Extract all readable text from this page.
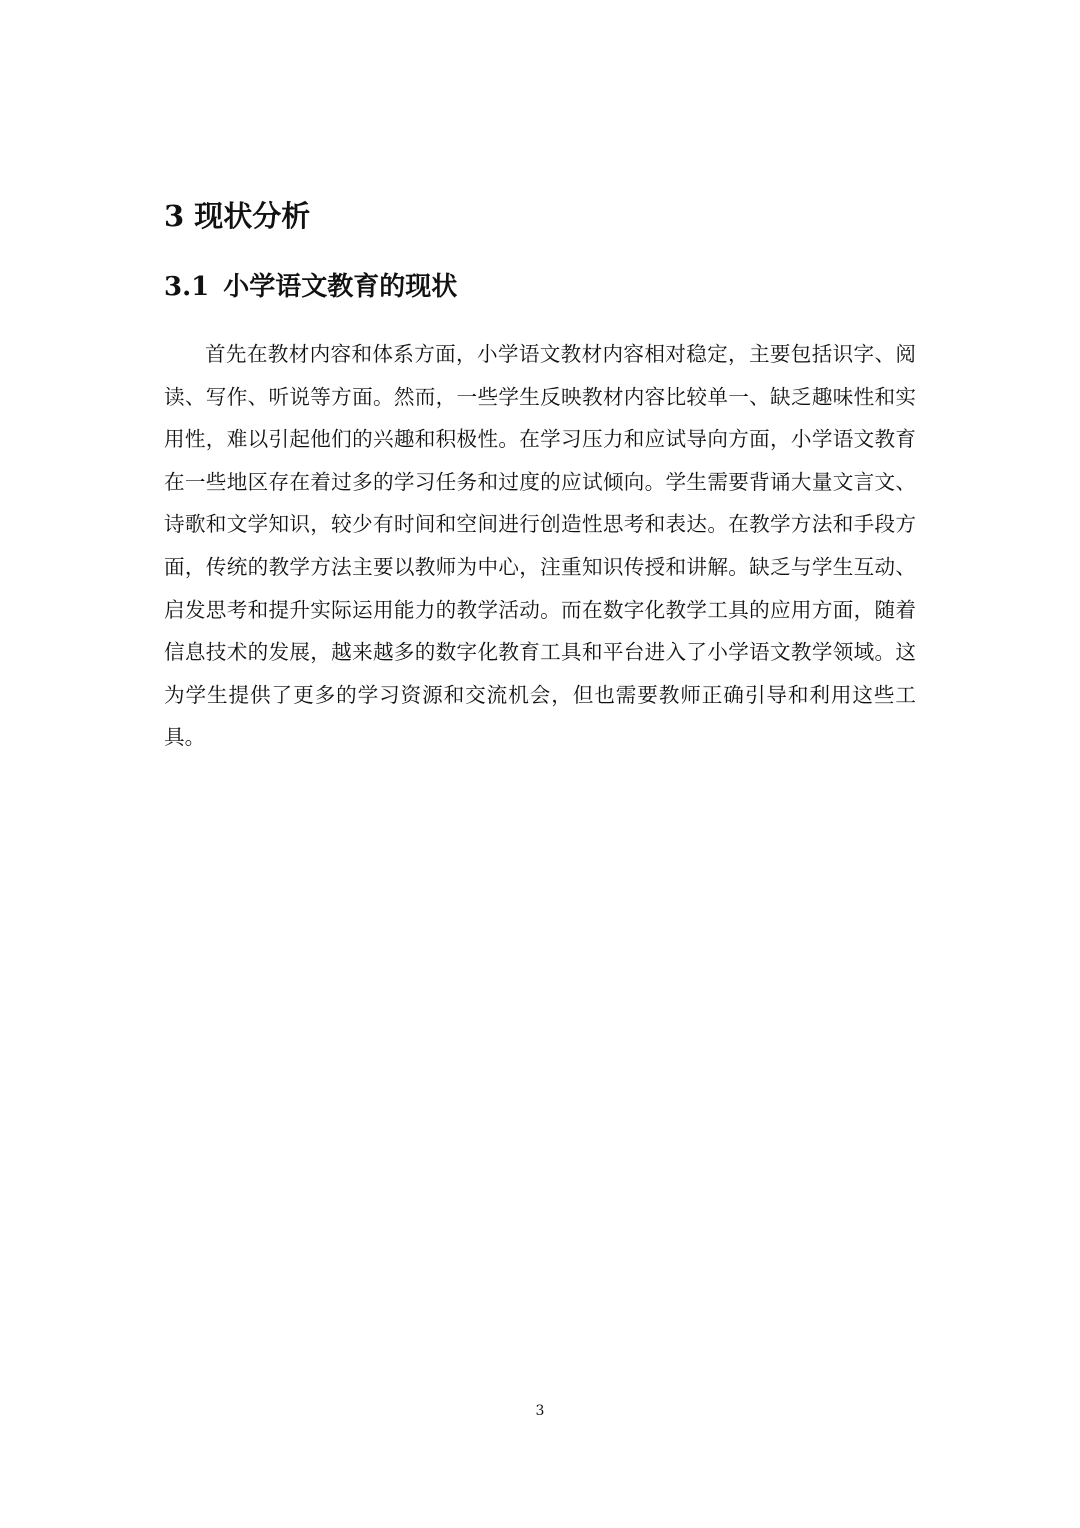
3 现状分析
3.1 小学语文教育的现状

首先在教材内容和体系方面，小学语文教材内容相对稳定，主要包括识字、阅读、写作、听说等方面。然而，一些学生反映教材内容比较单一、缺乏趣味性和实用性，难以引起他们的兴趣和积极性。在学习压力和应试导向方面，小学语文教育在一些地区存在着过多的学习任务和过度的应试倾向。学生需要背诵大量文言文、诗歌和文学知识，较少有时间和空间进行创造性思考和表达。在教学方法和手段方面，传统的教学方法主要以教师为中心，注重知识传授和讲解。缺乏与学生互动、启发思考和提升实际运用能力的教学活动。而在数字化教学工具的应用方面，随着信息技术的发展，越来越多的数字化教育工具和平台进入了小学语文教学领域。这为学生提供了更多的学习资源和交流机会，但也需要教师正确引导和利用这些工具。

3
